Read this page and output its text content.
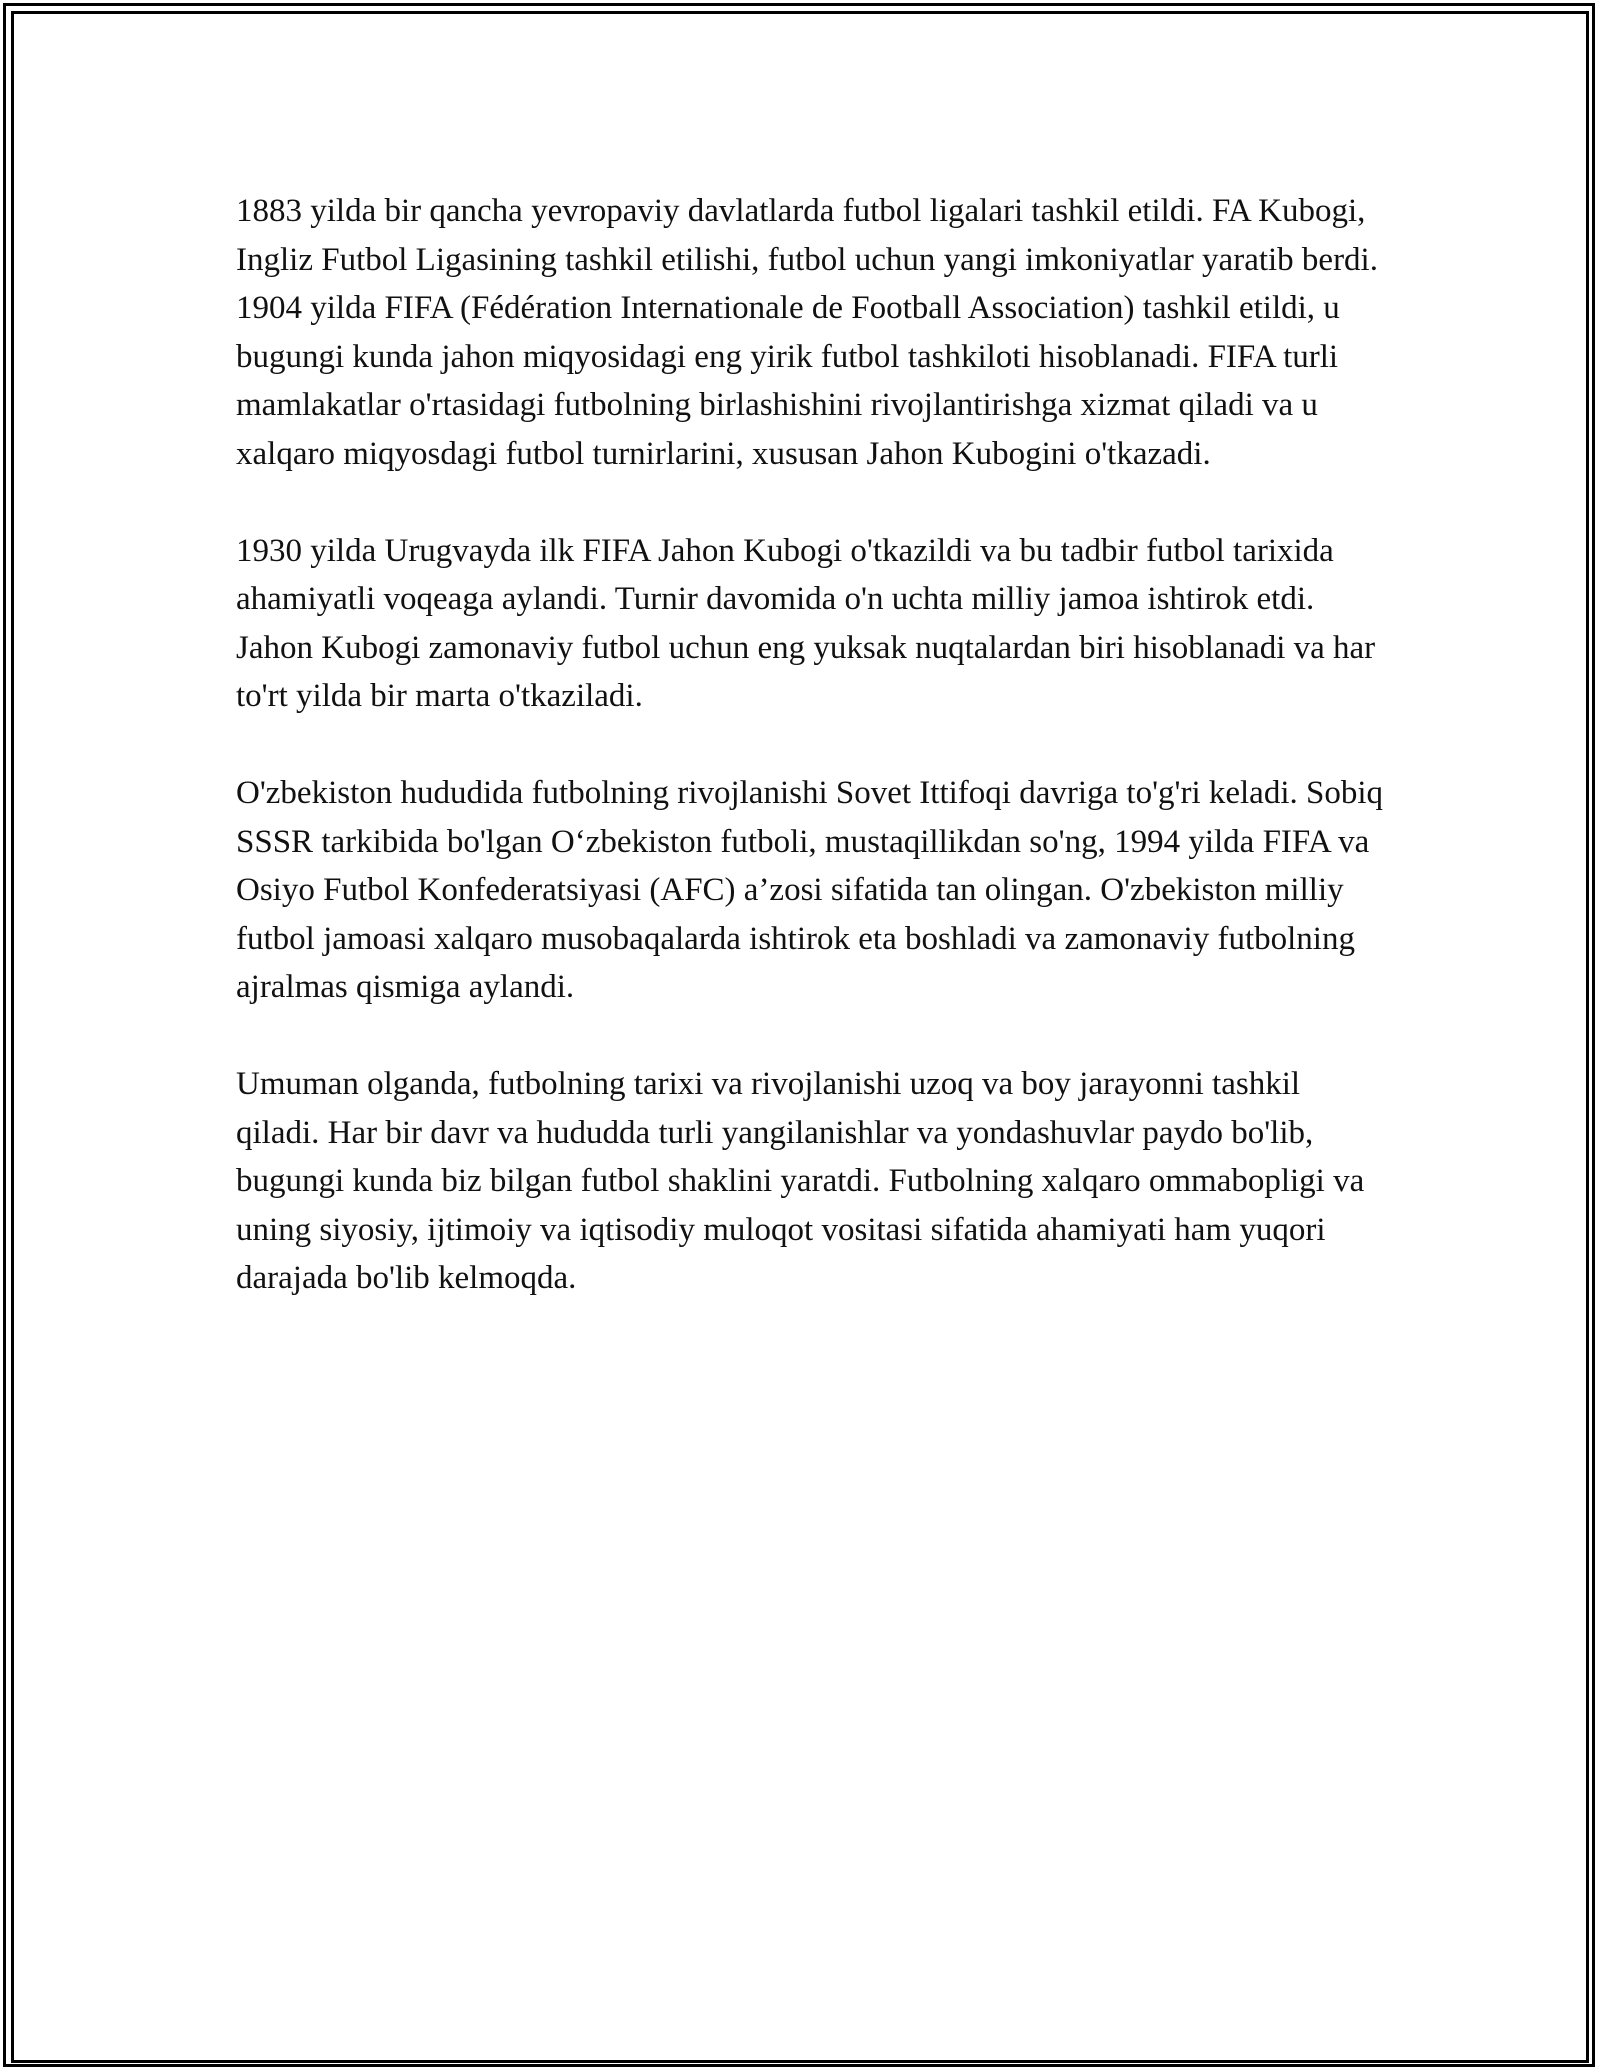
1883 yilda bir qancha yevropaviy davlatlarda futbol ligalari tashkil etildi. FA Kubogi, Ingliz Futbol Ligasining tashkil etilishi, futbol uchun yangi imkoniyatlar yaratib berdi. 1904 yilda FIFA (Fédération Internationale de Football Association) tashkil etildi, u bugungi kunda jahon miqyosidagi eng yirik futbol tashkiloti hisoblanadi. FIFA turli mamlakatlar o'rtasidagi futbolning birlashishini rivojlantirishga xizmat qiladi va u xalqaro miqyosdagi futbol turnirlarini, xususan Jahon Kubogini o'tkazadi.

1930 yilda Urugvayda ilk FIFA Jahon Kubogi o'tkazildi va bu tadbir futbol tarixida ahamiyatli voqeaga aylandi. Turnir davomida o'n uchta milliy jamoa ishtirok etdi. Jahon Kubogi zamonaviy futbol uchun eng yuksak nuqtalardan biri hisoblanadi va har to'rt yilda bir marta o'tkaziladi.

O'zbekiston hududida futbolning rivojlanishi Sovet Ittifoqi davriga to'g'ri keladi. Sobiq SSSR tarkibida bo'lgan O‘zbekiston futboli, mustaqillikdan so'ng, 1994 yilda FIFA va Osiyo Futbol Konfederatsiyasi (AFC) a’zosi sifatida tan olingan. O'zbekiston milliy futbol jamoasi xalqaro musobaqalarda ishtirok eta boshladi va zamonaviy futbolning ajralmas qismiga aylandi.

Umuman olganda, futbolning tarixi va rivojlanishi uzoq va boy jarayonni tashkil qiladi. Har bir davr va hududda turli yangilanishlar va yondashuvlar paydo bo'lib, bugungi kunda biz bilgan futbol shaklini yaratdi. Futbolning xalqaro ommabopligi va uning siyosiy, ijtimoiy va iqtisodiy muloqot vositasi sifatida ahamiyati ham yuqori darajada bo'lib kelmoqda.
